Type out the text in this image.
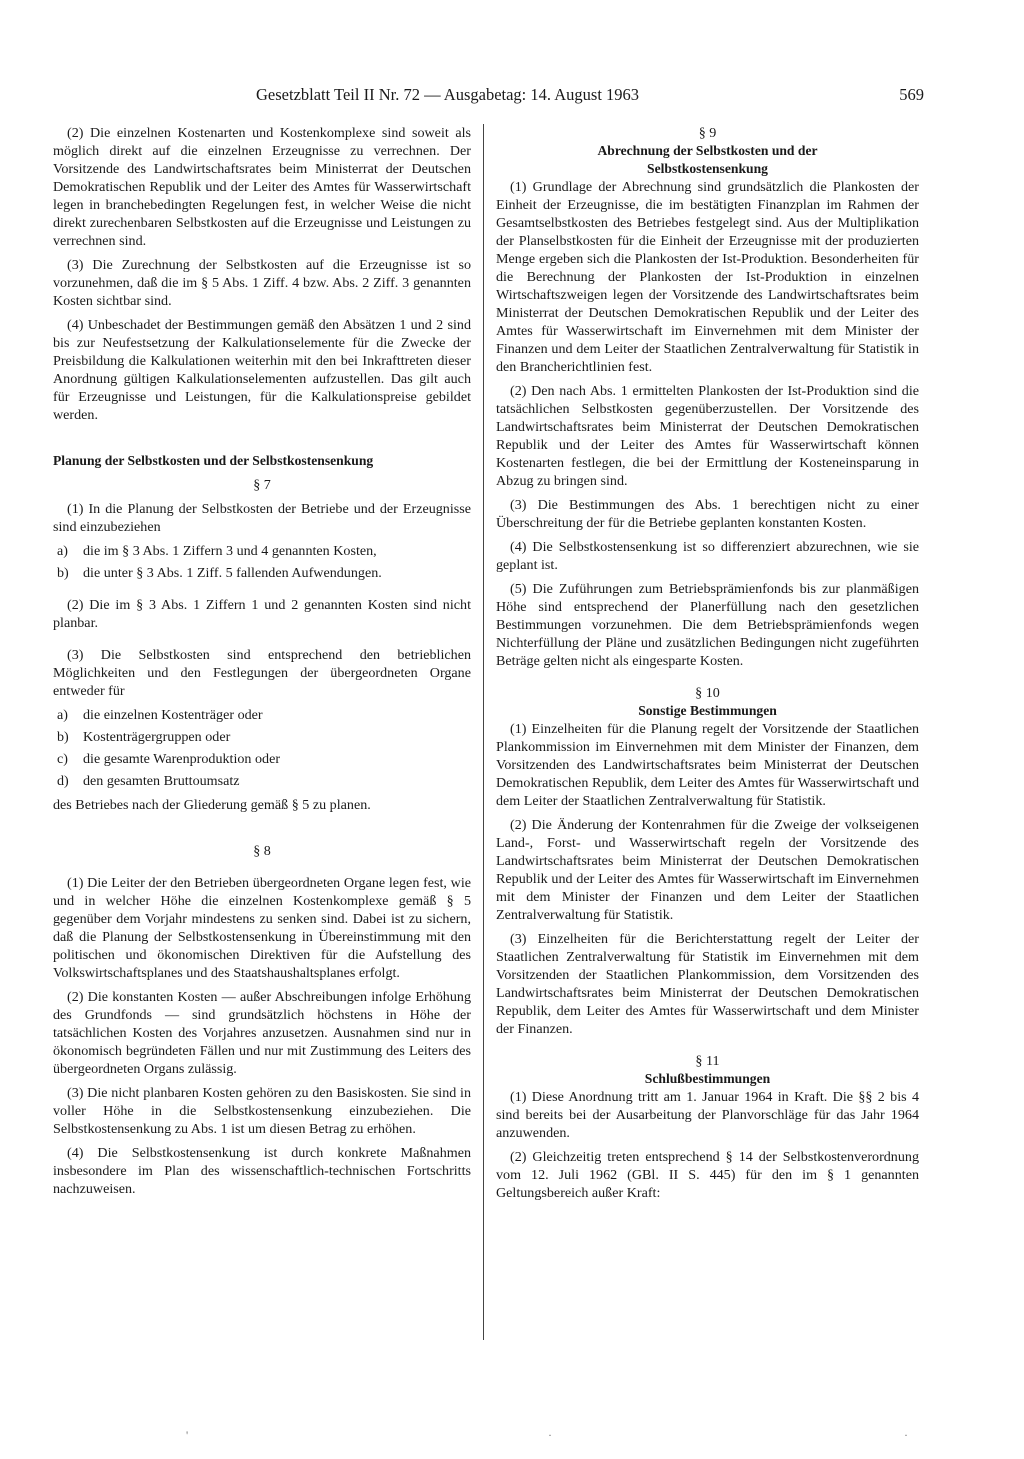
Gesetzblatt Teil II Nr. 72 — Ausgabetag: 14. August 1963	569

(2) Die einzelnen Kostenarten und Kostenkomplexe sind soweit als möglich direkt auf die einzelnen Erzeugnisse zu verrechnen. Der Vorsitzende des Landwirtschaftsrates beim Ministerrat der Deutschen Demokratischen Republik und der Leiter des Amtes für Wasserwirtschaft legen in branchebedingten Regelungen fest, in welcher Weise die nicht direkt zurechenbaren Selbstkosten auf die Erzeugnisse und Leistungen zu verrechnen sind.

(3) Die Zurechnung der Selbstkosten auf die Erzeugnisse ist so vorzunehmen, daß die im § 5 Abs. 1 Ziff. 4 bzw. Abs. 2 Ziff. 3 genannten Kosten sichtbar sind.

(4) Unbeschadet der Bestimmungen gemäß den Absätzen 1 und 2 sind bis zur Neufestsetzung der Kalkulationselemente für die Zwecke der Preisbildung die Kalkulationen weiterhin mit den bei Inkrafttreten dieser Anordnung gültigen Kalkulationselementen aufzustellen. Das gilt auch für Erzeugnisse und Leistungen, für die Kalkulationspreise gebildet werden.

Planung der Selbstkosten und der Selbstkostensenkung
§ 7

(1) In die Planung der Selbstkosten der Betriebe und der Erzeugnisse sind einzubeziehen

a)	die im § 3 Abs. 1 Ziffern 3 und 4 genannten Kosten,
b)	die unter § 3 Abs. 1 Ziff. 5 fallenden Aufwendungen.

(2) Die im § 3 Abs. 1 Ziffern 1 und 2 genannten Kosten sind nicht planbar.

(3) Die Selbstkosten sind entsprechend den betrieblichen Möglichkeiten und den Festlegungen der übergeordneten Organe entweder für

a)	die einzelnen Kostenträger oder
b)	Kostenträgergruppen oder
c)	die gesamte Warenproduktion oder
d)	den gesamten Bruttoumsatz

des Betriebes nach der Gliederung gemäß § 5 zu planen.

§ 8

(1) Die Leiter der den Betrieben übergeordneten Organe legen fest, wie und in welcher Höhe die einzelnen Kostenkomplexe gemäß § 5 gegenüber dem Vorjahr mindestens zu senken sind. Dabei ist zu sichern, daß die Planung der Selbstkostensenkung in Übereinstimmung mit den politischen und ökonomischen Direktiven für die Aufstellung des Volkswirtschaftsplanes und des Staatshaushaltsplanes erfolgt.

(2) Die konstanten Kosten — außer Abschreibungen infolge Erhöhung des Grundfonds — sind grundsätzlich höchstens in Höhe der tatsächlichen Kosten des Vorjahres anzusetzen. Ausnahmen sind nur in ökonomisch begründeten Fällen und nur mit Zustimmung des Leiters des übergeordneten Organs zulässig.

(3) Die nicht planbaren Kosten gehören zu den Basiskosten. Sie sind in voller Höhe in die Selbstkostensenkung einzubeziehen. Die Selbstkostensenkung zu Abs. 1 ist um diesen Betrag zu erhöhen.

(4) Die Selbstkostensenkung ist durch konkrete Maßnahmen insbesondere im Plan des wissenschaftlich-technischen Fortschritts nachzuweisen.

§ 9
Abrechnung der Selbstkosten und der Selbstkostensenkung

(1) Grundlage der Abrechnung sind grundsätzlich die Plankosten der Einheit der Erzeugnisse, die im bestätigten Finanzplan im Rahmen der Gesamtselbstkosten des Betriebes festgelegt sind. Aus der Multiplikation der Planselbstkosten für die Einheit der Erzeugnisse mit der produzierten Menge ergeben sich die Plankosten der Ist-Produktion. Besonderheiten für die Berechnung der Plankosten der Ist-Produktion in einzelnen Wirtschaftszweigen legen der Vorsitzende des Landwirtschaftsrates beim Ministerrat der Deutschen Demokratischen Republik und der Leiter des Amtes für Wasserwirtschaft im Einvernehmen mit dem Minister der Finanzen und dem Leiter der Staatlichen Zentralverwaltung für Statistik in den Brancherichtlinien fest.

(2) Den nach Abs. 1 ermittelten Plankosten der Ist-Produktion sind die tatsächlichen Selbstkosten gegenüberzustellen. Der Vorsitzende des Landwirtschaftsrates beim Ministerrat der Deutschen Demokratischen Republik und der Leiter des Amtes für Wasserwirtschaft können Kostenarten festlegen, die bei der Ermittlung der Kosteneinsparung in Abzug zu bringen sind.

(3) Die Bestimmungen des Abs. 1 berechtigen nicht zu einer Überschreitung der für die Betriebe geplanten konstanten Kosten.

(4) Die Selbstkostensenkung ist so differenziert abzurechnen, wie sie geplant ist.

(5) Die Zuführungen zum Betriebsprämienfonds bis zur planmäßigen Höhe sind entsprechend der Planerfüllung nach den gesetzlichen Bestimmungen vorzunehmen. Die dem Betriebsprämienfonds wegen Nichterfüllung der Pläne und zusätzlichen Bedingungen nicht zugeführten Beträge gelten nicht als eingesparte Kosten.

§ 10
Sonstige Bestimmungen

(1) Einzelheiten für die Planung regelt der Vorsitzende der Staatlichen Plankommission im Einvernehmen mit dem Minister der Finanzen, dem Vorsitzenden des Landwirtschaftsrates beim Ministerrat der Deutschen Demokratischen Republik, dem Leiter des Amtes für Wasserwirtschaft und dem Leiter der Staatlichen Zentralverwaltung für Statistik.

(2) Die Änderung der Kontenrahmen für die Zweige der volkseigenen Land-, Forst- und Wasserwirtschaft regeln der Vorsitzende des Landwirtschaftsrates beim Ministerrat der Deutschen Demokratischen Republik und der Leiter des Amtes für Wasserwirtschaft im Einvernehmen mit dem Minister der Finanzen und dem Leiter der Staatlichen Zentralverwaltung für Statistik.

(3) Einzelheiten für die Berichterstattung regelt der Leiter der Staatlichen Zentralverwaltung für Statistik im Einvernehmen mit dem Vorsitzenden der Staatlichen Plankommission, dem Vorsitzenden des Landwirtschaftsrates beim Ministerrat der Deutschen Demokratischen Republik, dem Leiter des Amtes für Wasserwirtschaft und dem Minister der Finanzen.

§ 11
Schlußbestimmungen

(1) Diese Anordnung tritt am 1. Januar 1964 in Kraft. Die §§ 2 bis 4 sind bereits bei der Ausarbeitung der Planvorschläge für das Jahr 1964 anzuwenden.

(2) Gleichzeitig treten entsprechend § 14 der Selbstkostenverordnung vom 12. Juli 1962 (GBl. II S. 445) für den im § 1 genannten Geltungsbereich außer Kraft:

'	·	·
